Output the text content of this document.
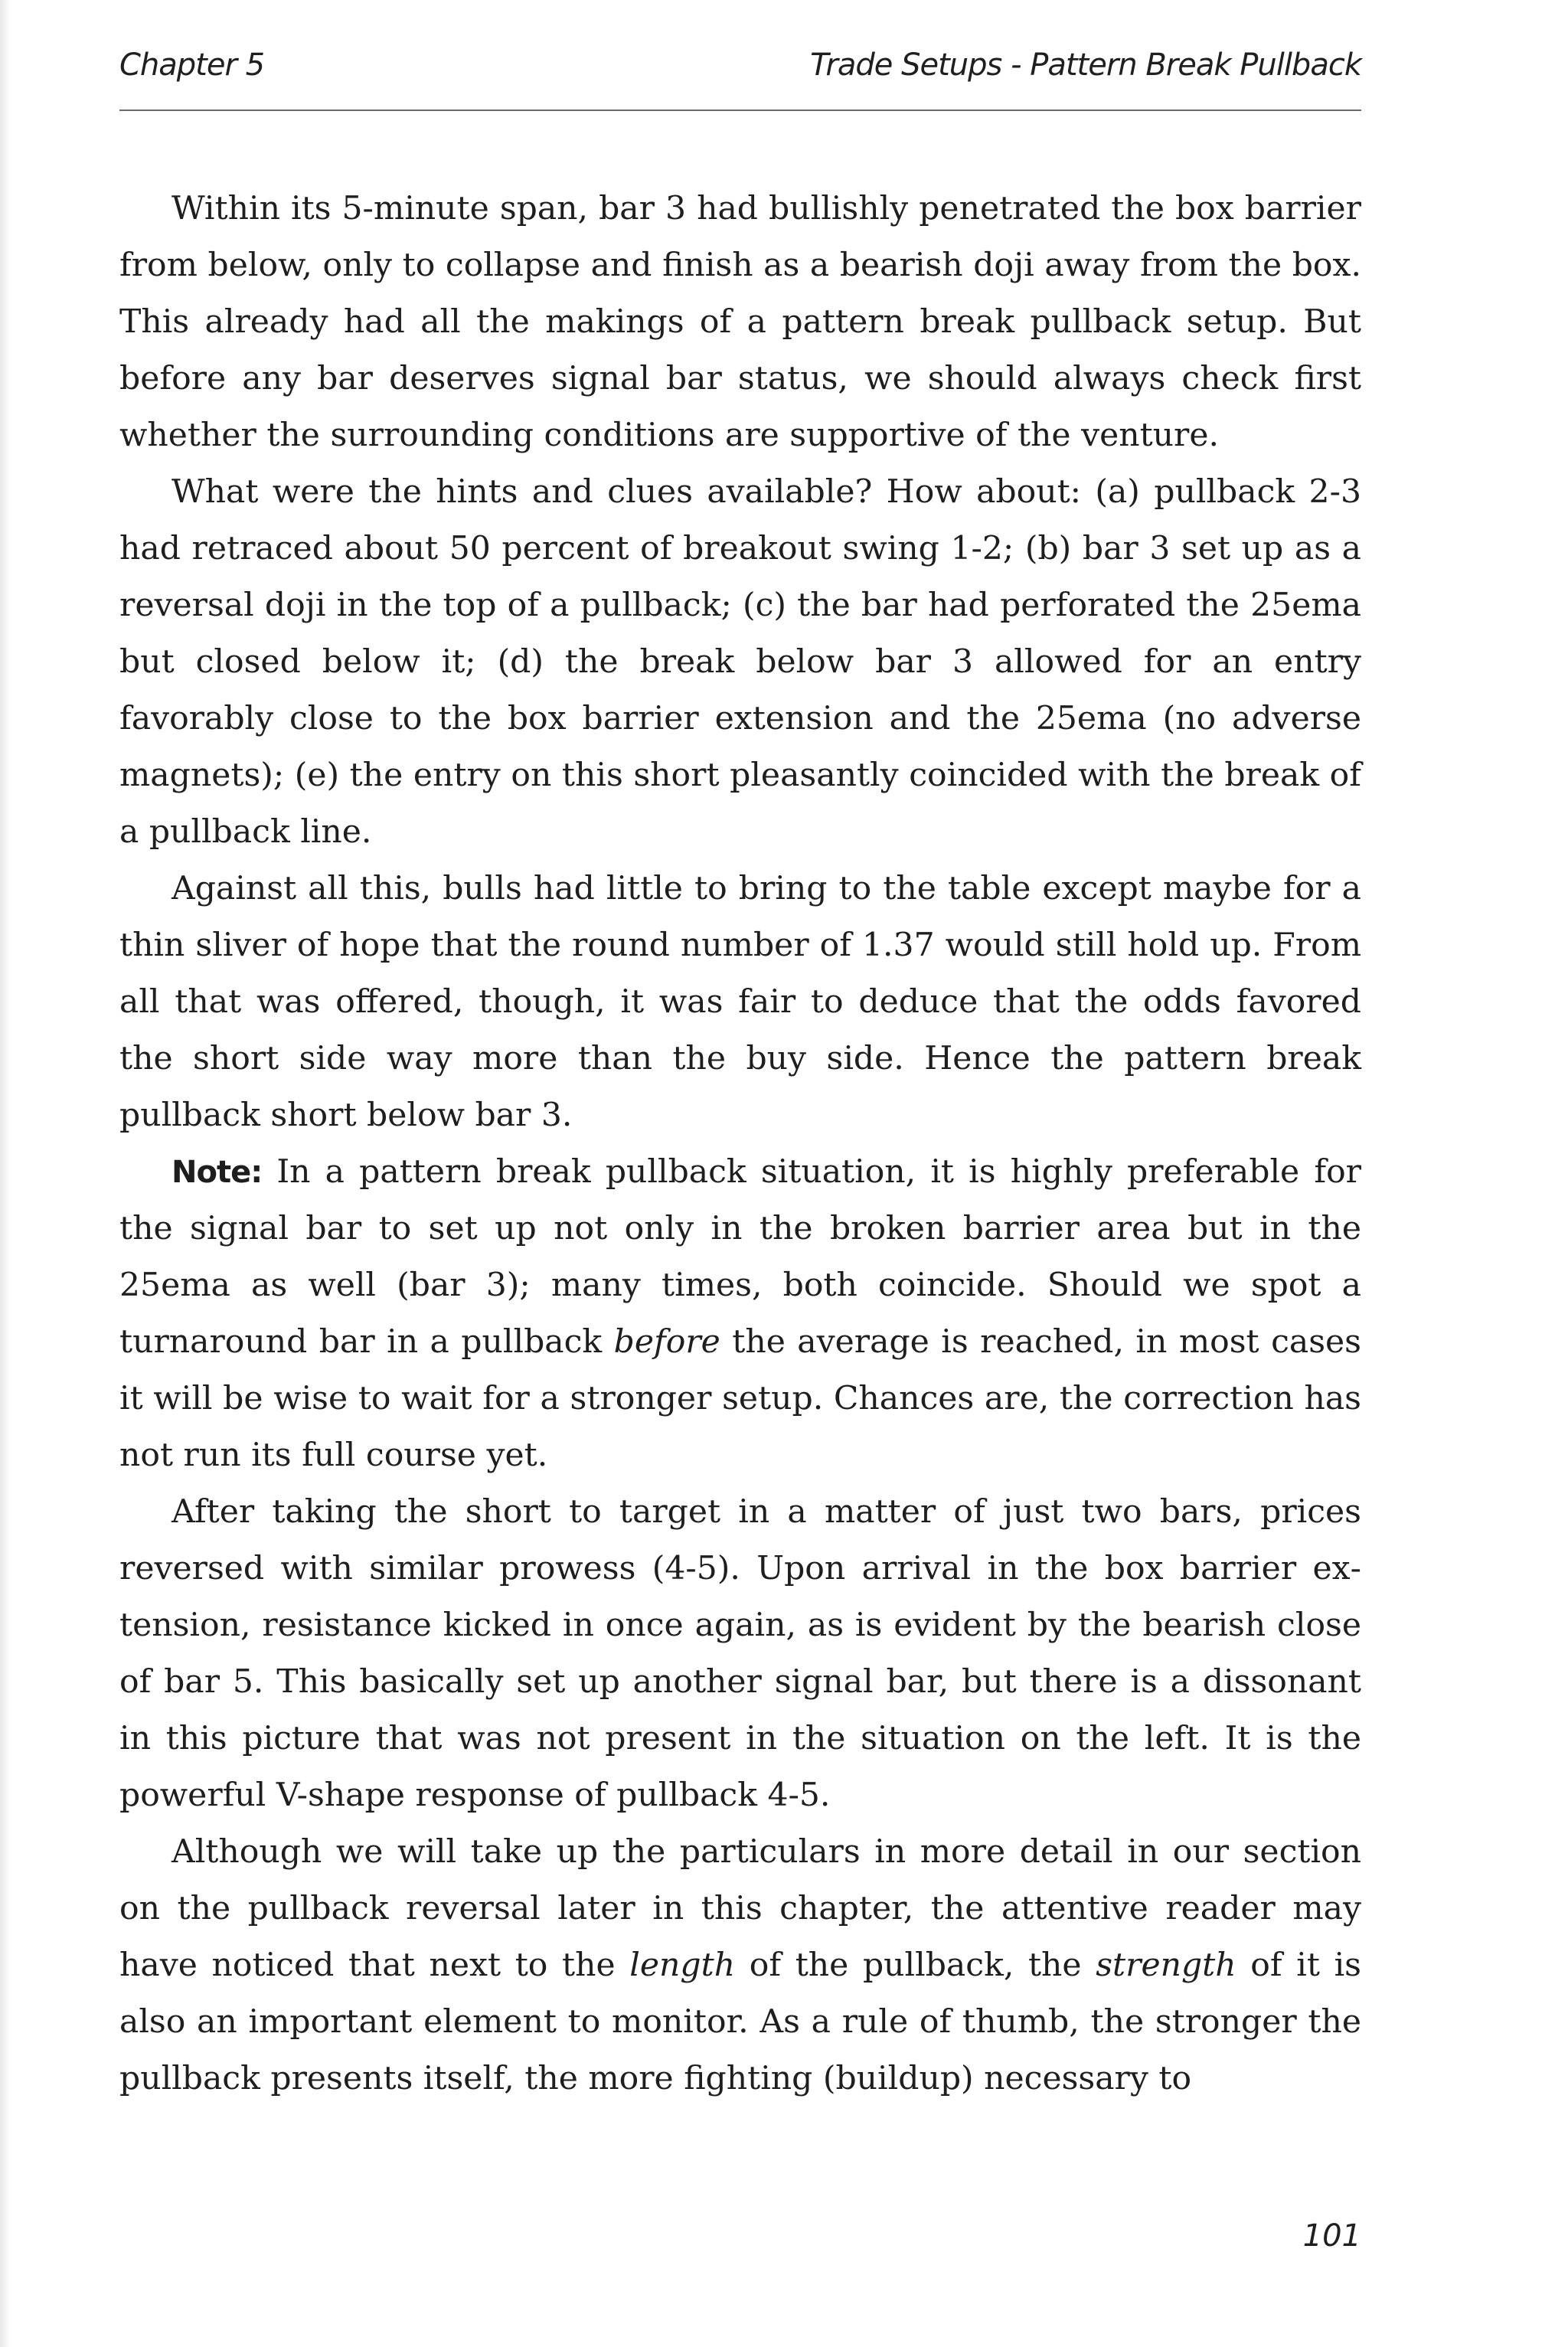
Chapter 5	Trade Setups - Pattern Break Pullback

Within its 5-minute span, bar 3 had bullishly penetrated the box barrier from below, only to collapse and finish as a bearish doji away from the box. This already had all the makings of a pattern break pullback setup. But before any bar deserves signal bar status, we should always check first whether the surrounding conditions are supportive of the venture.

What were the hints and clues available? How about: (a) pullback 2-3 had retraced about 50 percent of breakout swing 1-2; (b) bar 3 set up as a reversal doji in the top of a pullback; (c) the bar had perforated the 25ema but closed below it; (d) the break below bar 3 allowed for an entry favorably close to the box barrier extension and the 25ema (no adverse magnets); (e) the entry on this short pleasantly coincided with the break of a pullback line.

Against all this, bulls had little to bring to the table except maybe for a thin sliver of hope that the round number of 1.37 would still hold up. From all that was offered, though, it was fair to deduce that the odds favored the short side way more than the buy side. Hence the pattern break pullback short below bar 3.

Note: In a pattern break pullback situation, it is highly preferable for the signal bar to set up not only in the broken barrier area but in the 25ema as well (bar 3); many times, both coincide. Should we spot a turnaround bar in a pullback before the average is reached, in most cases it will be wise to wait for a stronger setup. Chances are, the correction has not run its full course yet.

After taking the short to target in a matter of just two bars, prices reversed with similar prowess (4-5). Upon arrival in the box barrier extension, resistance kicked in once again, as is evident by the bearish close of bar 5. This basically set up another signal bar, but there is a dissonant in this picture that was not present in the situation on the left. It is the powerful V-shape response of pullback 4-5.

Although we will take up the particulars in more detail in our section on the pullback reversal later in this chapter, the attentive reader may have noticed that next to the length of the pullback, the strength of it is also an important element to monitor. As a rule of thumb, the stronger the pullback presents itself, the more fighting (buildup) necessary to

101
